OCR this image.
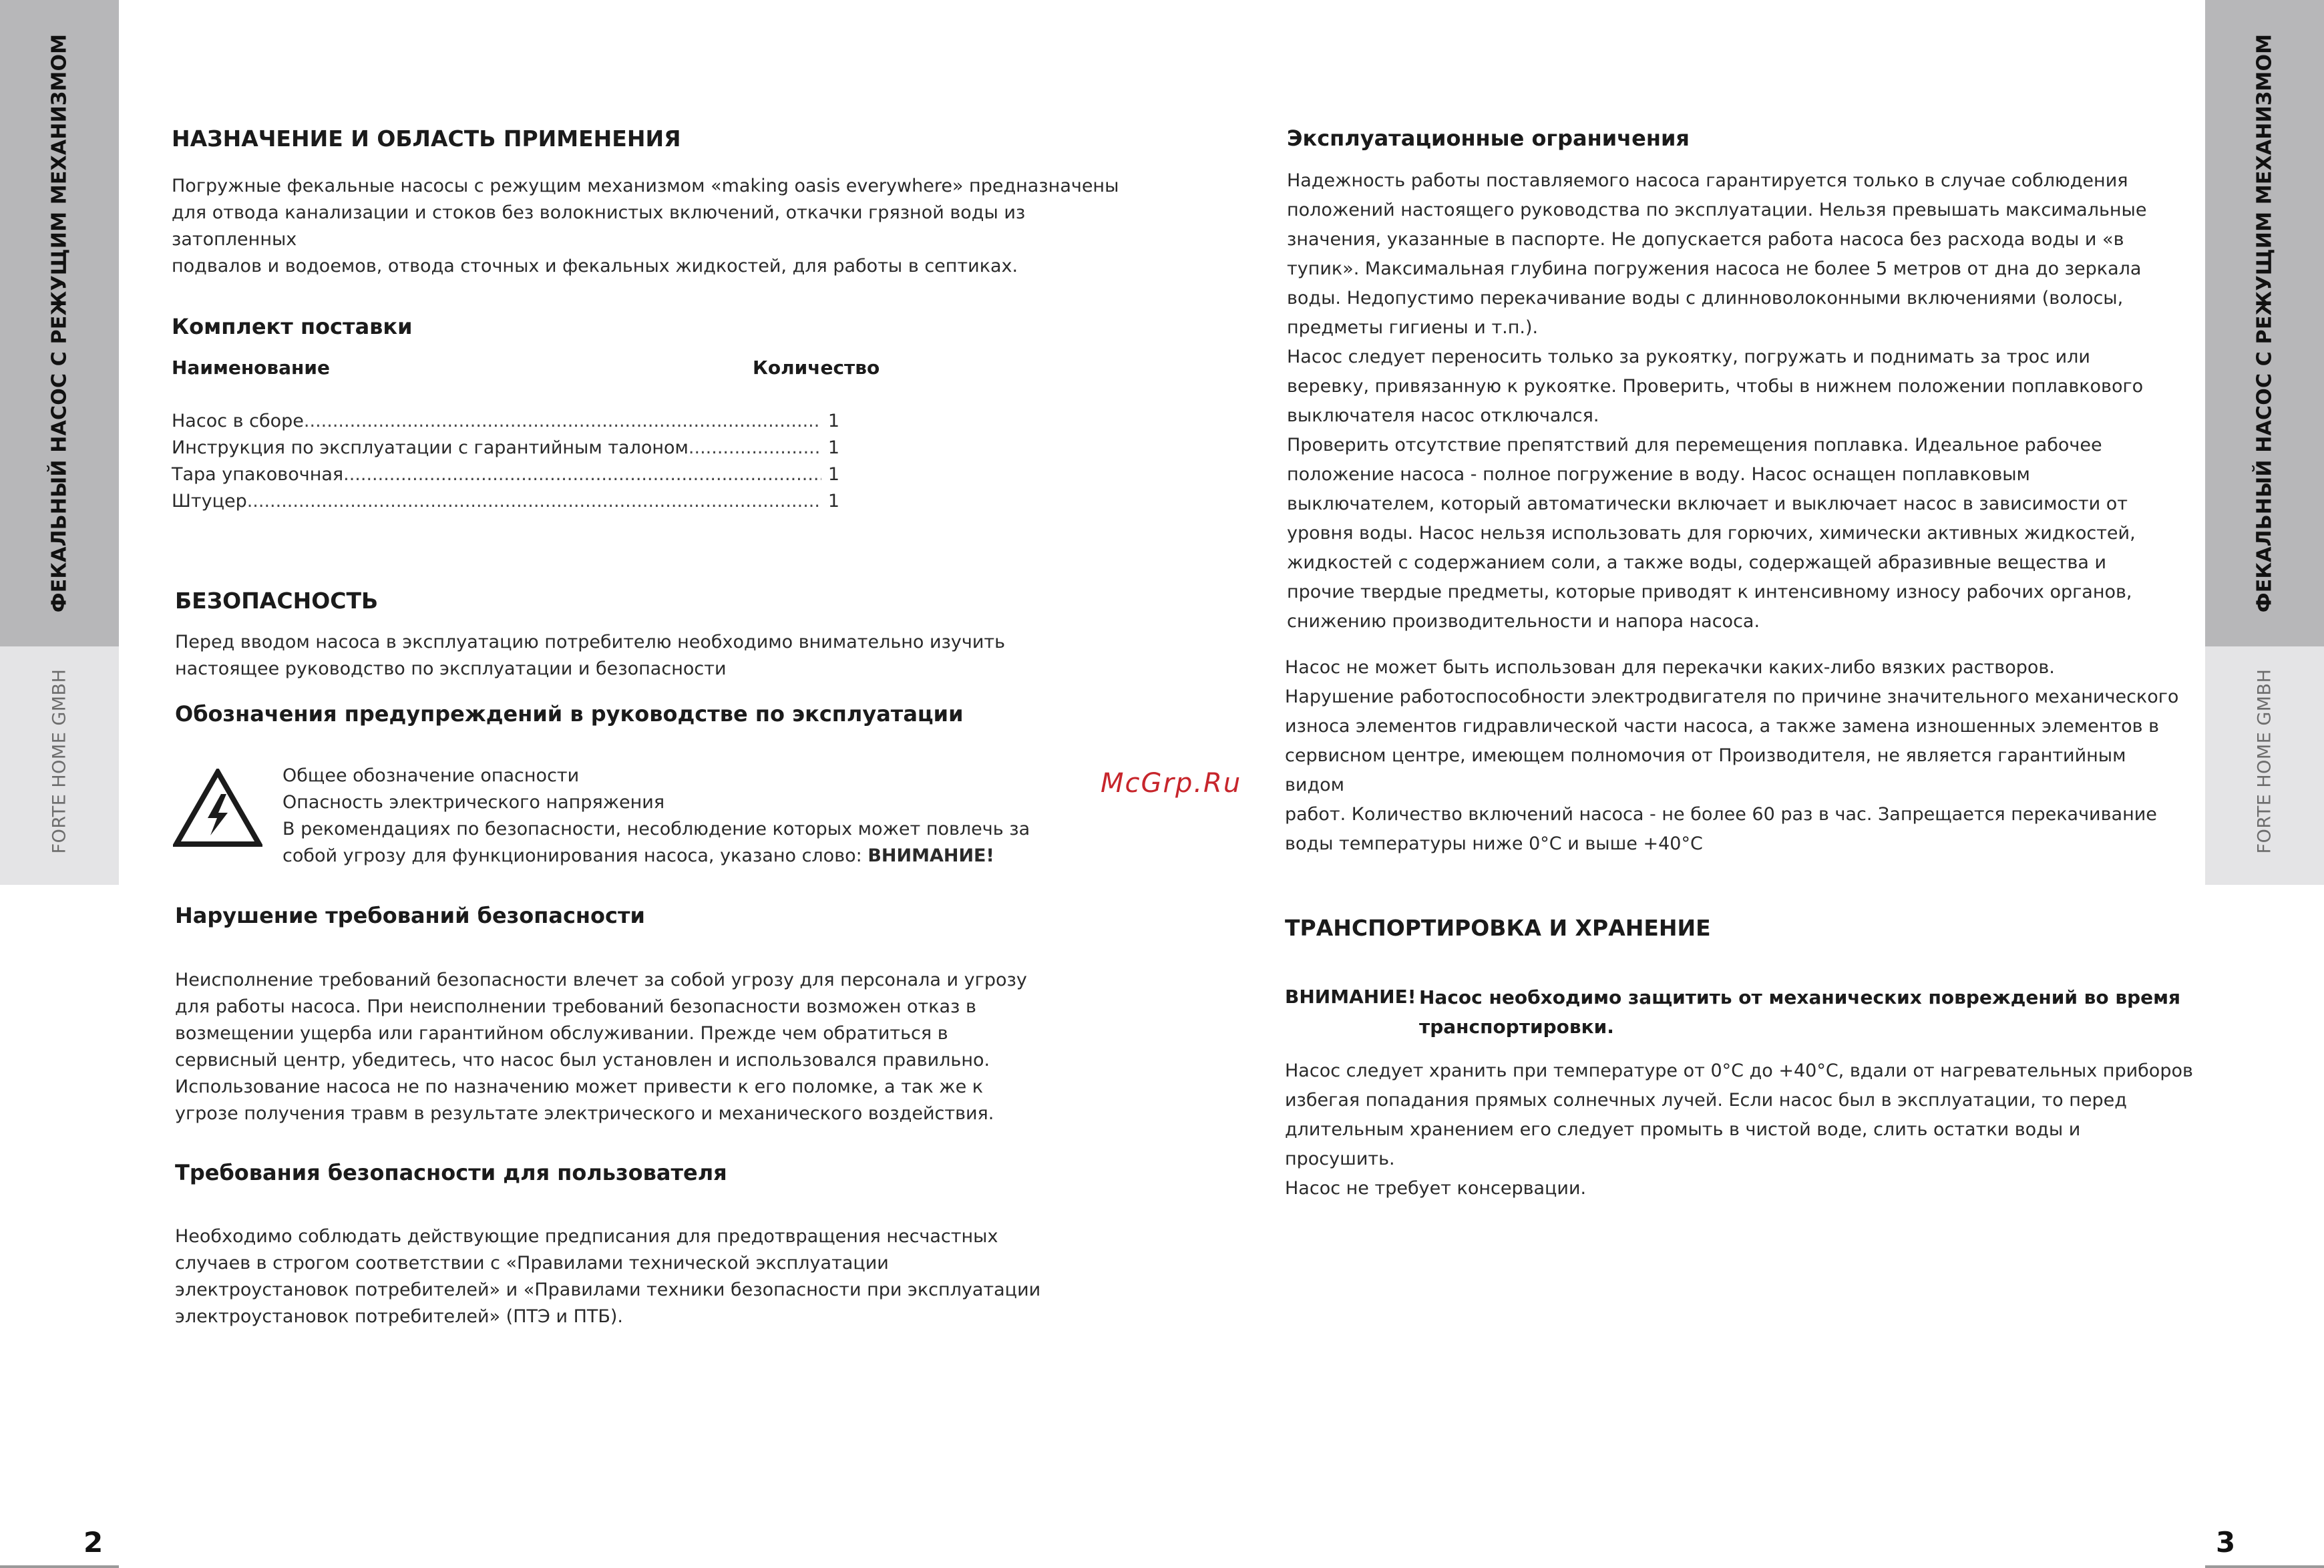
ФЕКАЛЬНЫЙ НАСОС С РЕЖУЩИМ МЕХАНИЗМОМ
FORTE HOME GMBH
ФЕКАЛЬНЫЙ НАСОС С РЕЖУЩИМ МЕХАНИЗМОМ
FORTE HOME GMBH
2	3
McGrp.Ru
НАЗНАЧЕНИЕ И ОБЛАСТЬ ПРИМЕНЕНИЯ

Погружные фекальные насосы с режущим механизмом «making oasis everywhere» предназначены

для отвода канализации и стоков без волокнистых включений, откачки грязной воды из затопленных

подвалов и водоемов, отвода сточных и фекальных жидкостей, для работы в септиках.

Комплект поставки
Наименование	Количество
Насос в сборе .....	1
Инструкция по эксплуатации с гарантийным талоном .....	1
Тара упаковочная .....	1
Штуцер .....	1
БЕЗОПАСНОСТЬ

Перед вводом насоса в эксплуатацию потребителю необходимо внимательно изучить

настоящее руководство по эксплуатации и безопасности

Обозначения предупреждений в руководстве по эксплуатации

Общее обозначение опасности

Опасность электрического напряжения

В рекомендациях по безопасности, несоблюдение которых может повлечь за

собой угрозу для функционирования насоса, указано слово: ВНИМАНИЕ!

Нарушение требований безопасности

Неисполнение требований безопасности влечет за собой угрозу для персонала и угрозу

для работы насоса. При неисполнении требований безопасности возможен отказ в

возмещении ущерба или гарантийном обслуживании. Прежде чем обратиться в

сервисный центр, убедитесь, что насос был установлен и использовался правильно.

Использование насоса не по назначению может привести к его поломке, а так же к

угрозе получения травм в результате электрического и механического воздействия.

Требования безопасности для пользователя

Необходимо соблюдать действующие предписания для предотвращения несчастных

случаев в строгом соответствии с «Правилами технической эксплуатации

электроустановок потребителей» и «Правилами техники безопасности при эксплуатации

электроустановок потребителей» (ПТЭ и ПТБ).

Эксплуатационные ограничения

Надежность работы поставляемого насоса гарантируется только в случае соблюдения

положений настоящего руководства по эксплуатации. Нельзя превышать максимальные

значения, указанные в паспорте. Не допускается работа насоса без расхода воды и «в

тупик». Максимальная глубина погружения насоса не более 5 метров от дна до зеркала

воды. Недопустимо перекачивание воды с длинноволоконными включениями (волосы,

предметы гигиены и т.п.).

Насос следует переносить только за рукоятку, погружать и поднимать за трос или

веревку, привязанную к рукоятке. Проверить, чтобы в нижнем положении поплавкового

выключателя насос отключался.

Проверить отсутствие препятствий для перемещения поплавка. Идеальное рабочее

положение насоса - полное погружение в воду. Насос оснащен поплавковым

выключателем, который автоматически включает и выключает насос в зависимости от

уровня воды. Насос нельзя использовать для горючих, химически активных жидкостей,

жидкостей с содержанием соли, а также воды, содержащей абразивные вещества и

прочие твердые предметы, которые приводят к интенсивному износу рабочих органов,

снижению производительности и напора насоса.

Насос не может быть использован для перекачки каких-либо вязких растворов.

Нарушение работоспособности электродвигателя по причине значительного механического

износа элементов гидравлической части насоса, а также замена изношенных элементов в

сервисном центре, имеющем полномочия от Производителя, не является гарантийным видом

работ. Количество включений насоса - не более 60 раз в час. Запрещается перекачивание

воды температуры ниже 0°С и выше +40°С

ТРАНСПОРТИРОВКА И ХРАНЕНИЕ
ВНИМАНИЕ! Насос необходимо защитить от механических повреждений во время

транспортировки.

Насос следует хранить при температуре от 0°С до +40°С, вдали от нагревательных приборов

избегая попадания прямых солнечных лучей. Если насос был в эксплуатации, то перед

длительным хранением его следует промыть в чистой воде, слить остатки воды и просушить.

Насос не требует консервации.
